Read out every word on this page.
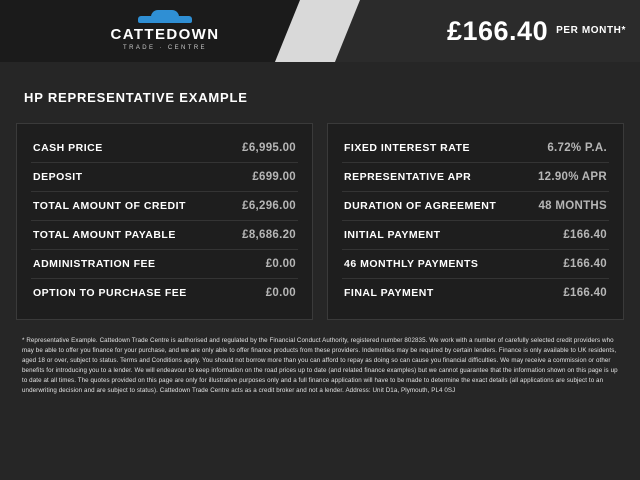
CATTEDOWN
TRADE · CENTRE
£166.40 PER MONTH*
HP REPRESENTATIVE EXAMPLE
CASH PRICE	£6,995.00
DEPOSIT	£699.00
TOTAL AMOUNT OF CREDIT	£6,296.00
TOTAL AMOUNT PAYABLE	£8,686.20
ADMINISTRATION FEE	£0.00
OPTION TO PURCHASE FEE	£0.00
FIXED INTEREST RATE	6.72% P.A.
REPRESENTATIVE APR	12.90% APR
DURATION OF AGREEMENT	48 MONTHS
INITIAL PAYMENT	£166.40
46 MONTHLY PAYMENTS	£166.40
FINAL PAYMENT	£166.40
* Representative Example. Cattedown Trade Centre is authorised and regulated by the Financial Conduct Authority, registered number 802835. We work with a number of carefully selected credit providers who may be able to offer you finance for your purchase, and we are only able to offer finance products from these providers. Indemnities may be required by certain lenders. Finance is only available to UK residents, aged 18 or over, subject to status. Terms and Conditions apply. You should not borrow more than you can afford to repay as doing so can cause you financial difficulties. We may receive a commission or other benefits for introducing you to a lender. We will endeavour to keep information on the road prices up to date (and related finance examples) but we cannot guarantee that the information shown on this page is up to date at all times. The quotes provided on this page are only for illustrative purposes only and a full finance application will have to be made to determine the exact details (all applications are subject to an underwriting decision and are subject to status). Cattedown Trade Centre acts as a credit broker and not a lender. Address: Unit D1a, Plymouth, PL4 0SJ
